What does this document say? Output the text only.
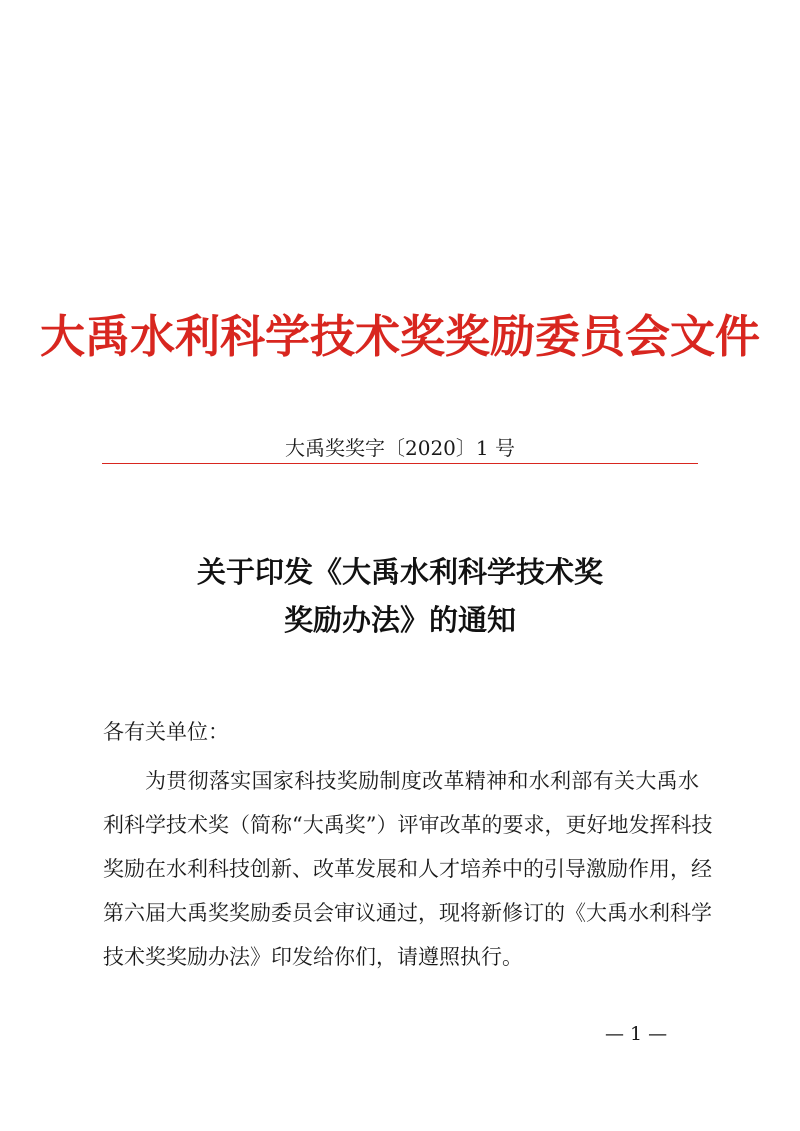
大禹水利科学技术奖奖励委员会文件
大禹奖奖字〔2020〕1 号
关于印发《大禹水利科学技术奖
奖励办法》的通知
各有关单位：
为贯彻落实国家科技奖励制度改革精神和水利部有关大禹水
利科学技术奖（简称“大禹奖”）评审改革的要求，更好地发挥科技
奖励在水利科技创新、改革发展和人才培养中的引导激励作用，经
第六届大禹奖奖励委员会审议通过，现将新修订的《大禹水利科学
技术奖奖励办法》印发给你们，请遵照执行。
— 1 —
